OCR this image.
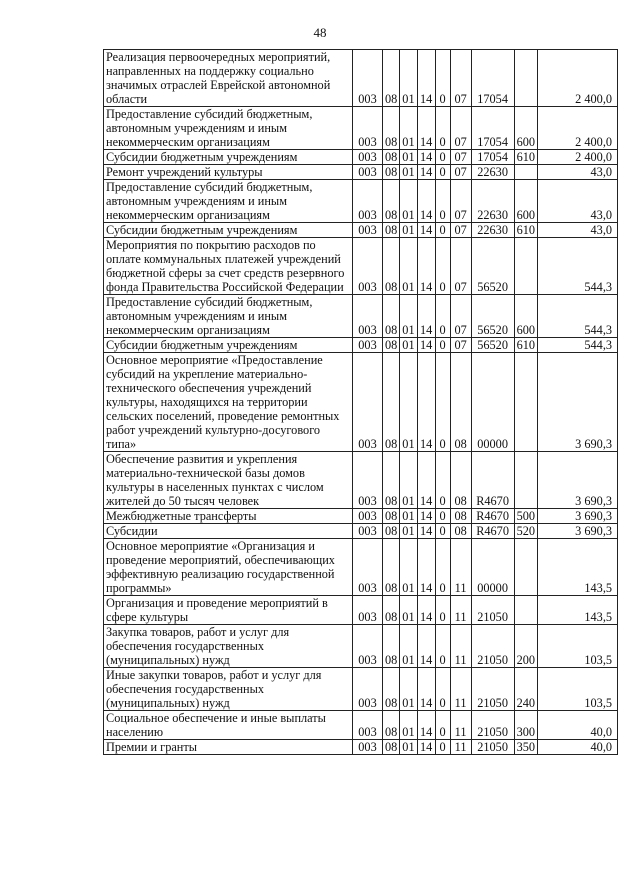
48
Реализация первоочередных мероприятий, направленных на поддержку социально значимых отраслей Еврейской автономной области	003	08	01	14	0	07	17054		2 400,0
Предоставление субсидий бюджетным, автономным учреждениям и иным некоммерческим организациям	003	08	01	14	0	07	17054	600	2 400,0
Субсидии бюджетным учреждениям	003	08	01	14	0	07	17054	610	2 400,0
Ремонт учреждений культуры	003	08	01	14	0	07	22630		43,0
Предоставление субсидий бюджетным, автономным учреждениям и иным некоммерческим организациям	003	08	01	14	0	07	22630	600	43,0
Субсидии бюджетным учреждениям	003	08	01	14	0	07	22630	610	43,0
Мероприятия по покрытию расходов по оплате коммунальных платежей учреждений бюджетной сферы за счет средств резервного фонда Правительства Российской Федерации	003	08	01	14	0	07	56520		544,3
Предоставление субсидий бюджетным, автономным учреждениям и иным некоммерческим организациям	003	08	01	14	0	07	56520	600	544,3
Субсидии бюджетным учреждениям	003	08	01	14	0	07	56520	610	544,3
Основное мероприятие «Предоставление субсидий на укрепление материально-технического обеспечения учреждений культуры, находящихся на территории сельских поселений, проведение ремонтных работ учреждений культурно-досугового типа»	003	08	01	14	0	08	00000		3 690,3
Обеспечение развития и укрепления материально-технической базы домов культуры в населенных пунктах с числом жителей до 50 тысяч человек	003	08	01	14	0	08	R4670		3 690,3
Межбюджетные трансферты	003	08	01	14	0	08	R4670	500	3 690,3
Субсидии	003	08	01	14	0	08	R4670	520	3 690,3
Основное мероприятие «Организация и проведение мероприятий, обеспечивающих эффективную реализацию государственной программы»	003	08	01	14	0	11	00000		143,5
Организация и проведение мероприятий в сфере культуры	003	08	01	14	0	11	21050		143,5
Закупка товаров, работ и услуг для обеспечения государственных (муниципальных) нужд	003	08	01	14	0	11	21050	200	103,5
Иные закупки товаров, работ и услуг для обеспечения государственных (муниципальных) нужд	003	08	01	14	0	11	21050	240	103,5
Социальное обеспечение и иные выплаты населению	003	08	01	14	0	11	21050	300	40,0
Премии и гранты	003	08	01	14	0	11	21050	350	40,0
